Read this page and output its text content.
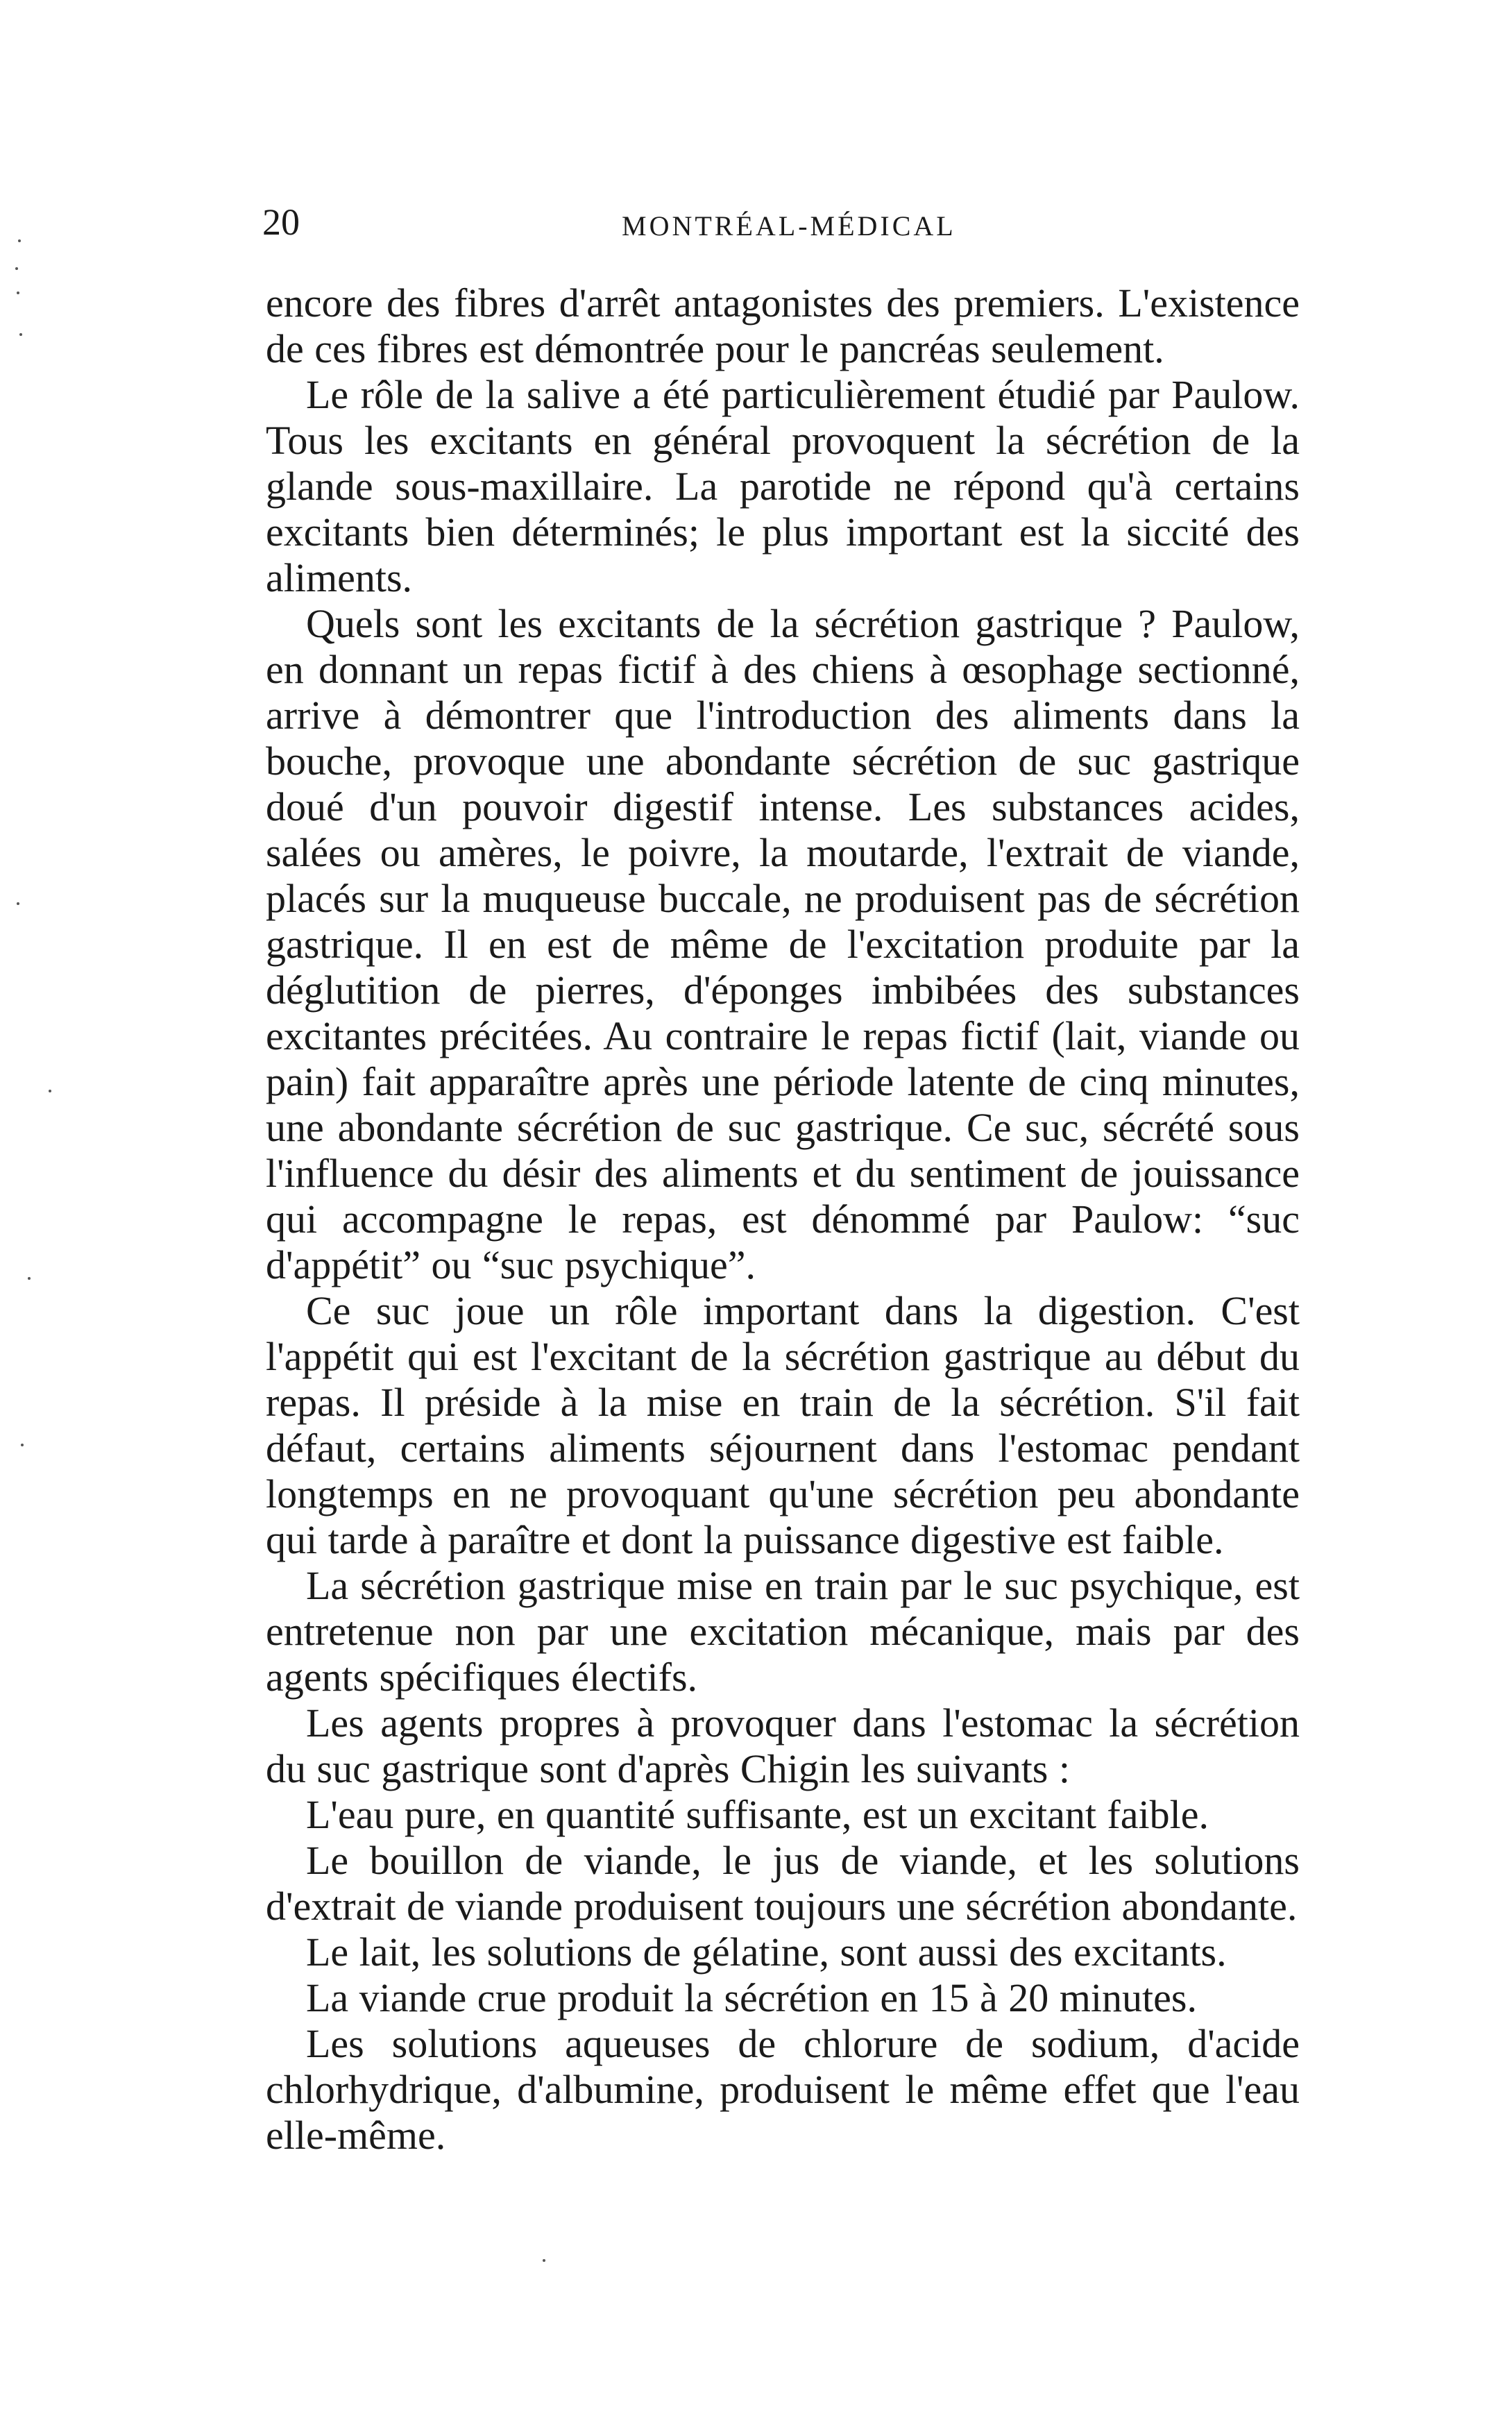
20	MONTRÉAL-MÉDICAL

encore des fibres d'arrêt antagonistes des premiers. L'existence de ces fibres est démontrée pour le pancréas seulement.

Le rôle de la salive a été particulièrement étudié par Paulow. Tous les excitants en général provoquent la sécrétion de la glande sous-maxillaire. La parotide ne répond qu'à certains excitants bien déterminés; le plus important est la siccité des aliments.

Quels sont les excitants de la sécrétion gastrique ? Paulow, en donnant un repas fictif à des chiens à œsophage sectionné, arrive à démontrer que l'introduction des aliments dans la bouche, provoque une abondante sécrétion de suc gastrique doué d'un pouvoir digestif intense. Les substances acides, salées ou amères, le poivre, la moutarde, l'extrait de viande, placés sur la muqueuse buccale, ne produisent pas de sécrétion gastrique. Il en est de même de l'excitation produite par la déglutition de pierres, d'éponges imbibées des substances excitantes précitées. Au contraire le repas fictif (lait, viande ou pain) fait apparaître après une période latente de cinq minutes, une abondante sécrétion de suc gastrique. Ce suc, sécrété sous l'influence du désir des aliments et du sentiment de jouissance qui accompagne le repas, est dénommé par Paulow: “suc d'appétit” ou “suc psychique”.

Ce suc joue un rôle important dans la digestion. C'est l'appétit qui est l'excitant de la sécrétion gastrique au début du repas. Il préside à la mise en train de la sécrétion. S'il fait défaut, certains aliments séjournent dans l'estomac pendant longtemps en ne provoquant qu'une sécrétion peu abondante qui tarde à paraître et dont la puissance digestive est faible.

La sécrétion gastrique mise en train par le suc psychique, est entretenue non par une excitation mécanique, mais par des agents spécifiques électifs.

Les agents propres à provoquer dans l'estomac la sécrétion du suc gastrique sont d'après Chigin les suivants :

L'eau pure, en quantité suffisante, est un excitant faible.

Le bouillon de viande, le jus de viande, et les solutions d'extrait de viande produisent toujours une sécrétion abondante.

Le lait, les solutions de gélatine, sont aussi des excitants.

La viande crue produit la sécrétion en 15 à 20 minutes.

Les solutions aqueuses de chlorure de sodium, d'acide chlorhydrique, d'albumine, produisent le même effet que l'eau elle-même.
